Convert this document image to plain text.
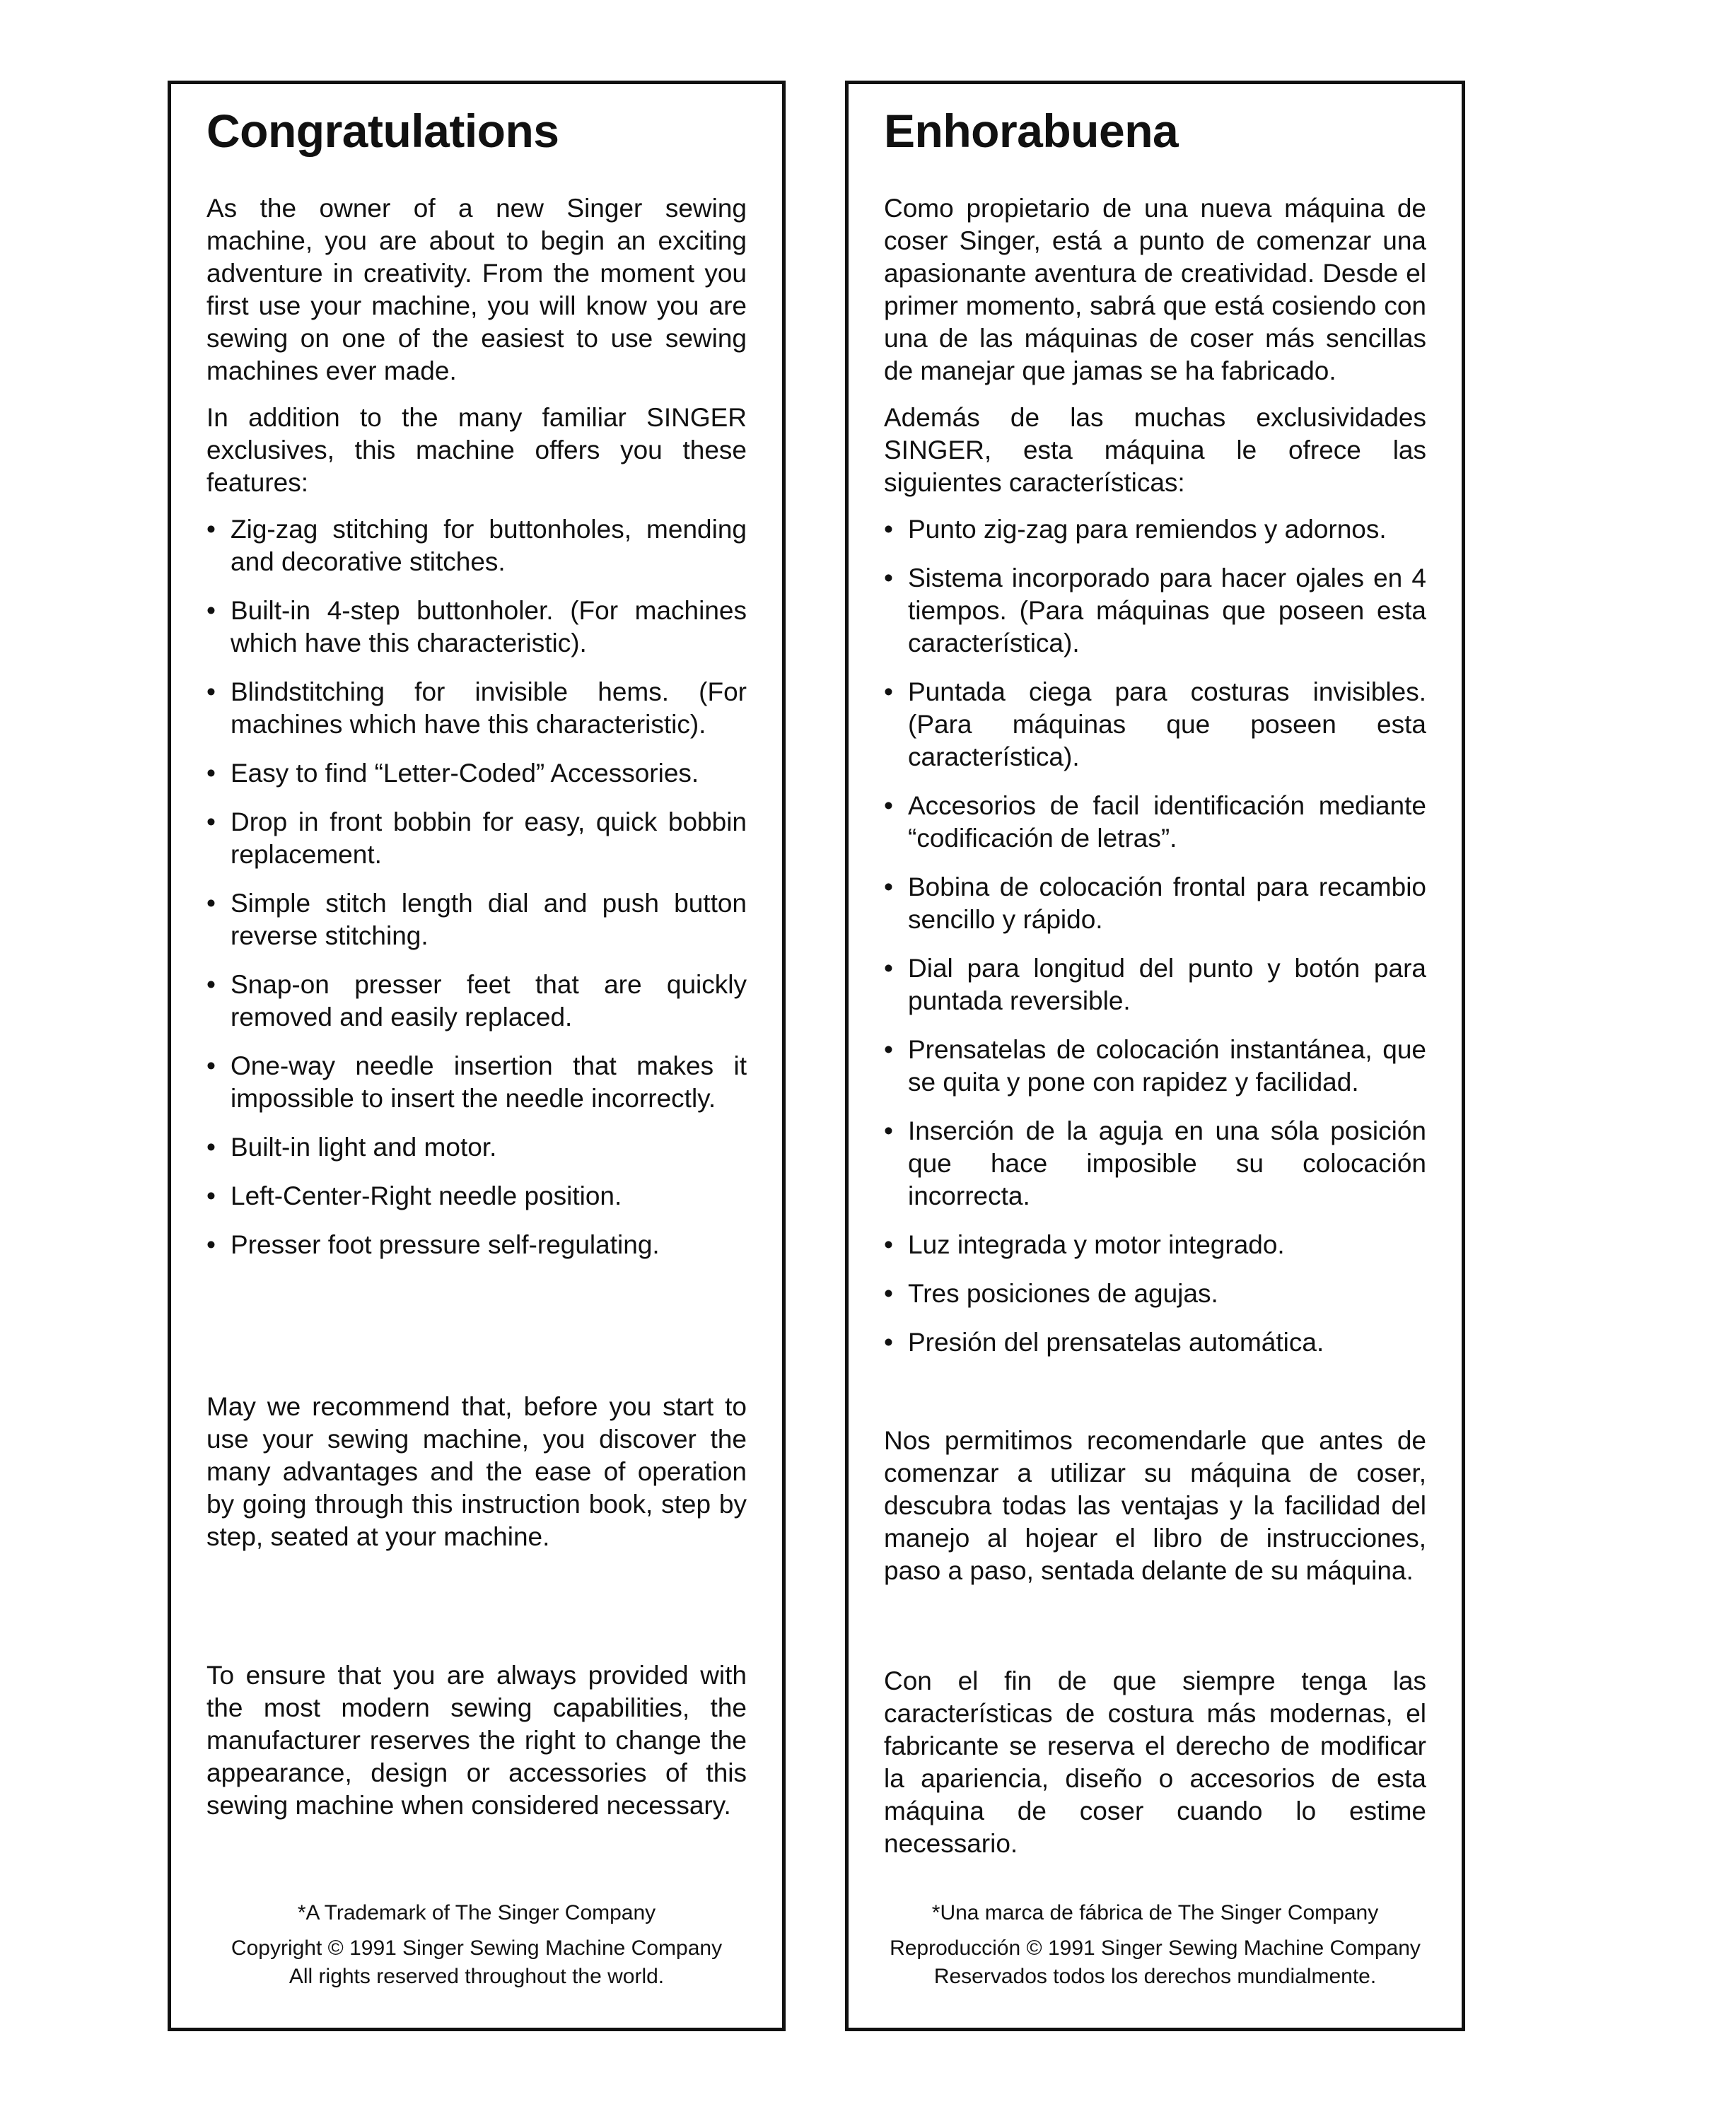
Congratulations

As the owner of a new Singer sewing machine, you are about to begin an exciting adventure in creativity. From the moment you first use your machine, you will know you are sewing on one of the easiest to use sewing machines ever made.

In addition to the many familiar SINGER exclusives, this machine offers you these features:

• Zig-zag stitching for buttonholes, mending and decorative stitches.
• Built-in 4-step buttonholer. (For machines which have this characteristic).
• Blindstitching for invisible hems. (For machines which have this characteristic).
• Easy to find “Letter-Coded” Accessories.
• Drop in front bobbin for easy, quick bobbin replacement.
• Simple stitch length dial and push button reverse stitching.
• Snap-on presser feet that are quickly removed and easily replaced.
• One-way needle insertion that makes it impossible to insert the needle incorrectly.
• Built-in light and motor.
• Left-Center-Right needle position.
• Presser foot pressure self-regulating.

May we recommend that, before you start to use your sewing machine, you discover the many advantages and the ease of operation by going through this instruction book, step by step, seated at your machine.

To ensure that you are always provided with the most modern sewing capabilities, the manufacturer reserves the right to change the appearance, design or accessories of this sewing machine when considered necessary.

*A Trademark of The Singer Company
Copyright © 1991 Singer Sewing Machine Company
All rights reserved throughout the world.
Enhorabuena

Como propietario de una nueva máquina de coser Singer, está a punto de comenzar una apasionante aventura de creatividad. Desde el primer momento, sabrá que está cosiendo con una de las máquinas de coser más sencillas de manejar que jamas se ha fabricado.

Además de las muchas exclusividades SINGER, esta máquina le ofrece las siguientes características:

• Punto zig-zag para remiendos y adornos.
• Sistema incorporado para hacer ojales en 4 tiempos. (Para máquinas que poseen esta característica).
• Puntada ciega para costuras invisibles. (Para máquinas que poseen esta característica).
• Accesorios de facil identificación mediante “codificación de letras”.
• Bobina de colocación frontal para recambio sencillo y rápido.
• Dial para longitud del punto y botón para puntada reversible.
• Prensatelas de colocación instantánea, que se quita y pone con rapidez y facilidad.
• Inserción de la aguja en una sóla posición que hace imposible su colocación incorrecta.
• Luz integrada y motor integrado.
• Tres posiciones de agujas.
• Presión del prensatelas automática.

Nos permitimos recomendarle que antes de comenzar a utilizar su máquina de coser, descubra todas las ventajas y la facilidad del manejo al hojear el libro de instrucciones, paso a paso, sentada delante de su máquina.

Con el fin de que siempre tenga las características de costura más modernas, el fabricante se reserva el derecho de modificar la apariencia, diseño o accesorios de esta máquina de coser cuando lo estime necessario.

*Una marca de fábrica de The Singer Company
Reproducción © 1991 Singer Sewing Machine Company
Reservados todos los derechos mundialmente.
